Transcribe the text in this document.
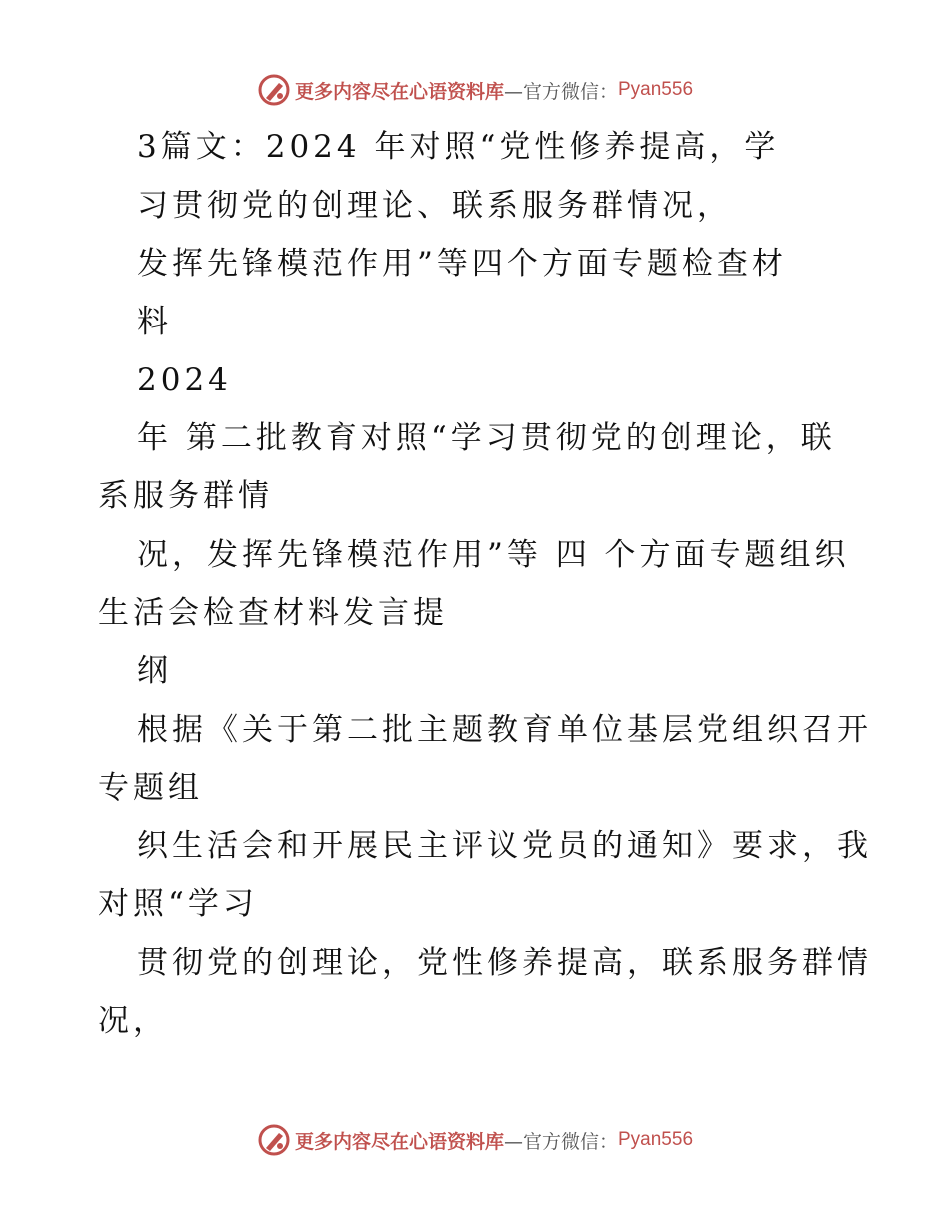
更多内容尽在心语资料库 —官方微信： Pyan556
3篇文：2024 年对照“党性修养提高，学
习贯彻党的创理论、联系服务群情况，
发挥先锋模范作用”等四个方面专题检查材
料
2024
年 第二批教育对照“学习贯彻党的创理论，联
系服务群情
况，发挥先锋模范作用”等 四 个方面专题组织
生活会检查材料发言提
纲
根据《关于第二批主题教育单位基层党组织召开
专题组
织生活会和开展民主评议党员的通知》要求，我
对照“学习
贯彻党的创理论，党性修养提高，联系服务群情
况，
更多内容尽在心语资料库 —官方微信： Pyan556
